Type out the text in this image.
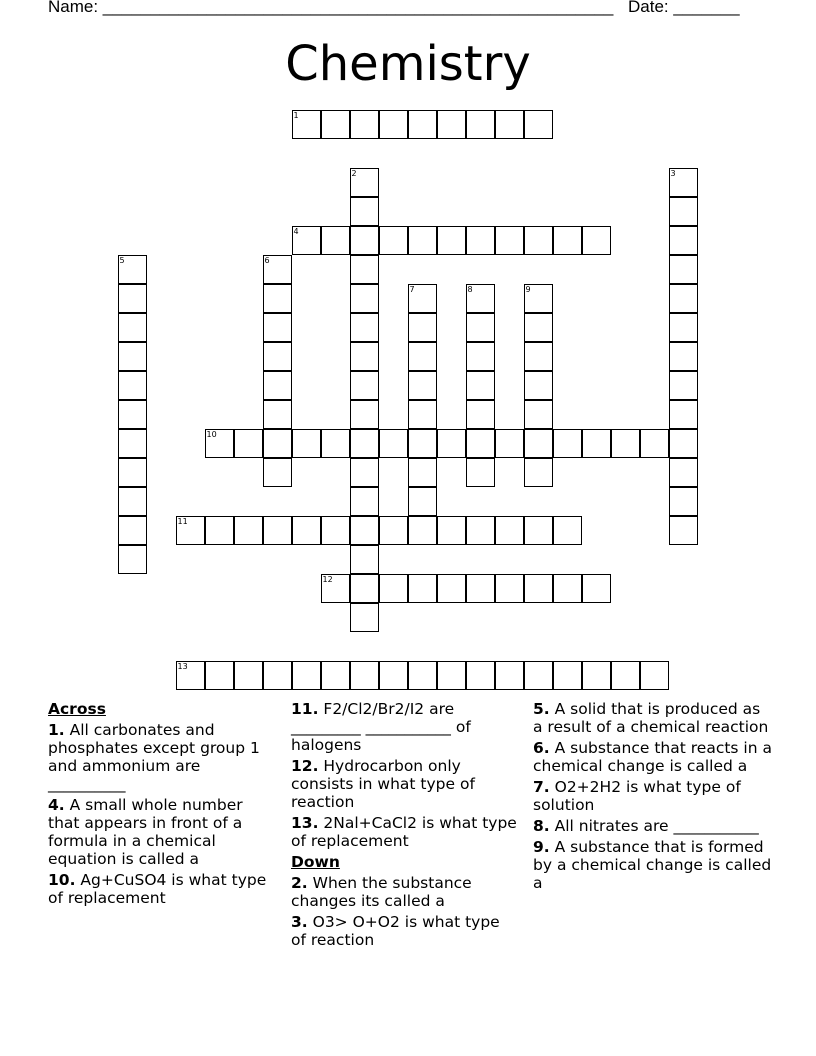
Name: ______________________________________________________ Date: _______
Chemistry
1
2	3
4
5	6
7	8	9
10
11
12
13
Across
1. All carbonates and phosphates except group 1 and ammonium are __________
4. A small whole number that appears in front of a formula in a chemical equation is called a
10. Ag+CuSO4 is what type of replacement
11. F2/Cl2/Br2/I2 are _________ ___________ of halogens
12. Hydrocarbon only consists in what type of reaction
13. 2Nal+CaCl2 is what type of replacement
Down
2. When the substance changes its called a
3. O3> O+O2 is what type of reaction
5. A solid that is produced as a result of a chemical reaction
6. A substance that reacts in a chemical change is called a
7. O2+2H2 is what type of solution
8. All nitrates are ___________
9. A substance that is formed by a chemical change is called a
